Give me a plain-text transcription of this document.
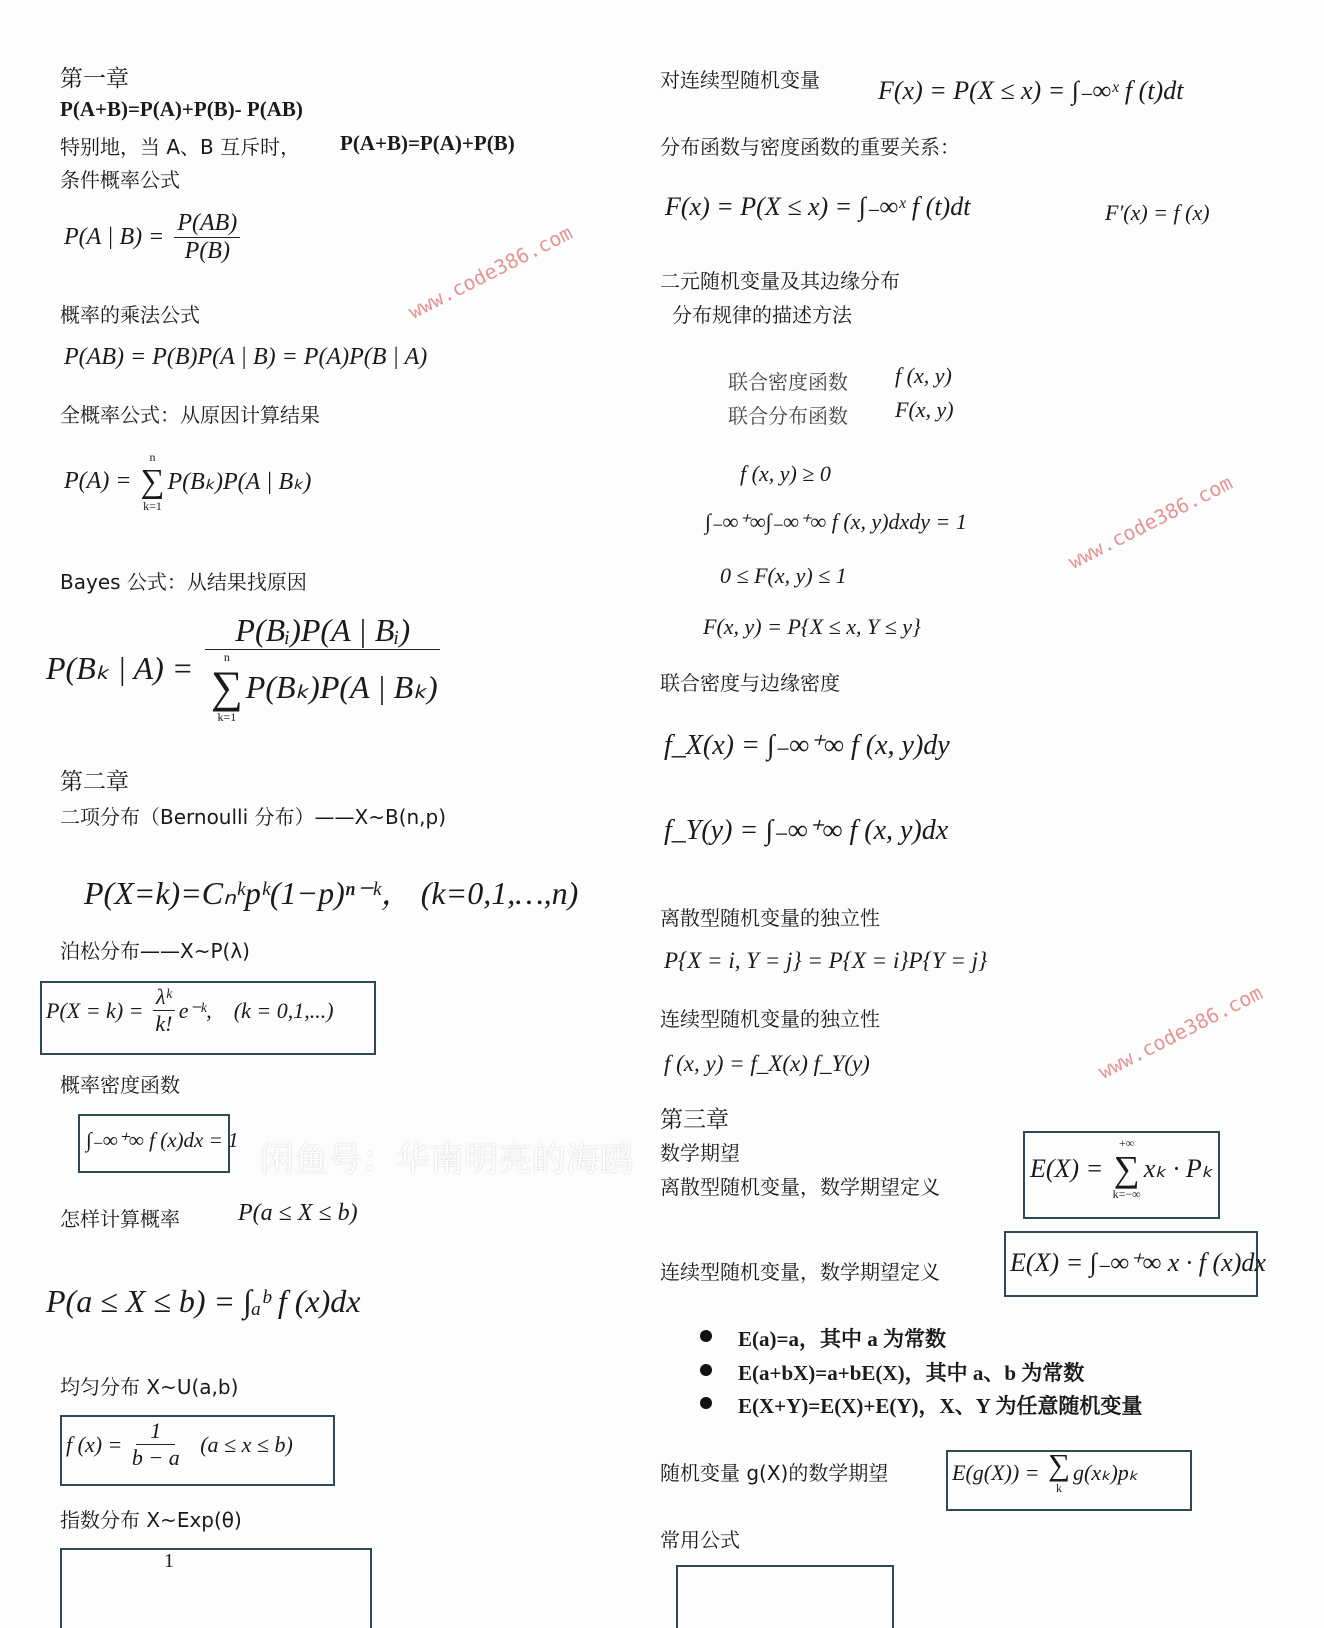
第一章
P(A+B)=P(A)+P(B)- P(AB)
特别地，当 A、B 互斥时， P(A+B)=P(A)+P(B)
条件概率公式
P(A | $B) = \frac{P(AB)}{P(B)}$
概率的乘法公式
P(AB) = P(B)P(A | B) = P(A)P(B | A)
全概率公式：从原因计算结果
P(A) =
n
∑
k=1
P(Bₖ)P(A | Bₖ)
Bayes 公式：从结果找原因
P(Bₖ | A) = P(Bᵢ)P(A | Bᵢ)
n
∑
k=1
P(Bₖ)P(A | Bₖ)
第二章
二项分布（Bernoulli 分布）——X~B(n,p)
P(X=k)=Cₙᵏpᵏ(1−p)ⁿ⁻ᵏ， (k=0,1,…,n)
泊松分布——X~P(λ)
$P(X = k) = \frac{\text{λᵏ}}{k!}$ e⁻ᵏ,    (k = 0,1,...)
概率密度函数
∫₋∞⁺∞ f (x)dx = 1
怎样计算概率 P(a ≤ X ≤ b)
P(a ≤ X ≤ b) = ∫ₐᵇ f (x)dx
均匀分布 X~U(a,b)
f $(x) = \frac{1}{b - a} (a \le x \le b)$
指数分布 X~Exp(θ)
1
对连续型随机变量 F(x) = P(X ≤ x) = ∫₋∞ˣ f (t)dt
分布函数与密度函数的重要关系：
F(x) = P(X ≤ x) = ∫₋∞ˣ f (t)dt	F′(x) = f (x)
二元随机变量及其边缘分布
分布规律的描述方法
联合密度函数 f (x, y)
联合分布函数 F(x, y)
f (x, y) ≥ 0
∫₋∞⁺∞∫₋∞⁺∞ f (x, y)dxdy = 1
0 ≤ F(x, y) ≤ 1
F(x, y) = P{X ≤ x, Y ≤ y}
联合密度与边缘密度
f_X(x) = ∫₋∞⁺∞ f (x, y)dy
f_Y(y) = ∫₋∞⁺∞ f (x, y)dx
离散型随机变量的独立性
P{X = i, Y = j} = P{X = i}P{Y = j}
连续型随机变量的独立性
f (x, y) = f_X(x) f_Y(y)
第三章
数学期望
离散型随机变量，数学期望定义
E(X) =
+∞
∑
k=−∞
xₖ · Pₖ
连续型随机变量，数学期望定义	E(X) = ∫₋∞⁺∞ x · f (x)dx
E(a)=a，其中 a 为常数
E(a+bX)=a+bE(X)，其中 a、b 为常数
E(X+Y)=E(X)+E(Y)，X、Y 为任意随机变量
随机变量 g(X)的数学期望	E(g(X)) = ∑
k
g(xₖ)pₖ
常用公式
www.code386.com
www.code386.com
www.code386.com
闲鱼号：华南明亮的海鸥
